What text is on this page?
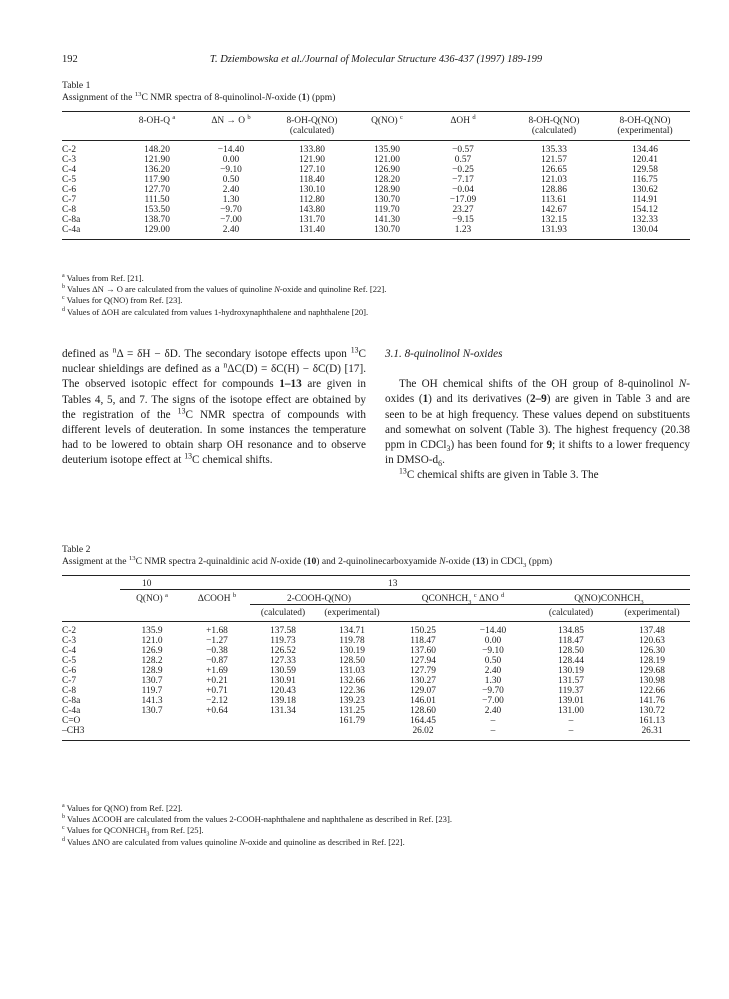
192	T. Dziembowska et al./Journal of Molecular Structure 436-437 (1997) 189-199
Table 1
Assignment of the $^{13}$C NMR spectra of 8-quinolinol-N-oxide (1) (ppm)
	8-OH-Q $^a$	ΔN → O $^b$	8-OH-Q(NO)	Q(NO) $^c$	ΔOH $^d$	8-OH-Q(NO)	8-OH-Q(NO)
			(calculated)			(calculated)	(experimental)
C-2	148.20	−14.40	133.80	135.90	−0.57	135.33	134.46
C-3	121.90	0.00	121.90	121.00	0.57	121.57	120.41
C-4	136.20	−9.10	127.10	126.90	−0.25	126.65	129.58
C-5	117.90	0.50	118.40	128.20	−7.17	121.03	116.75
C-6	127.70	2.40	130.10	128.90	−0.04	128.86	130.62
C-7	111.50	1.30	112.80	130.70	−17.09	113.61	114.91
C-8	153.50	−9.70	143.80	119.70	23.27	142.67	154.12
C-8a	138.70	−7.00	131.70	141.30	−9.15	132.15	132.33
C-4a	129.00	2.40	131.40	130.70	1.23	131.93	130.04
$^a$ Values from Ref. [21].
$^b$ Values ΔN → O are calculated from the values of quinoline N-oxide and quinoline Ref. [22].
$^c$ Values for Q(NO) from Ref. [23].
$^d$ Values of ΔOH are calculated from values 1-hydroxynaphthalene and naphthalene [20].

defined as $^n$Δ = δH − δD. The secondary isotope effects upon $^{13}$C nuclear shieldings are defined as a $^n$ΔC(D) = δC(H) − δC(D) [17]. The observed isotopic effect for compounds 1–13 are given in Tables 4, 5, and 7. The signs of the isotope effect are obtained by the registration of the $^{13}$C NMR spectra of compounds with different levels of deuteration. In some instances the temperature had to be lowered to obtain sharp OH resonance and to observe deuterium isotope effect at $^{13}$C chemical shifts.

3.1. 8-quinolinol N-oxides

The OH chemical shifts of the OH group of 8-quinolinol N-oxides (1) and its derivatives (2–9) are given in Table 3 and are seen to be at high frequency. These values depend on substituents and somewhat on solvent (Table 3). The highest frequency (20.38 ppm in CDCl$_3$) has been found for 9; it shifts to a lower frequency in DMSO-$d_6$.

$^{13}$C chemical shifts are given in Table 3. The

Table 2
Assigment at the $^{13}$C NMR spectra 2-quinaldinic acid N-oxide (10) and 2-quinolinecarboxyamide N-oxide (13) in CDCl$_3$ (ppm)
	10				13			
	Q(NO) $^a$	ΔCOOH $^b$	2-COOH-Q(NO)		$QCONHCH_3$ $^c$ ΔNO $^d$		$Q(NO)CONHCH_3$
			(calculated)	(experimental)			(calculated)	(experimental)
C-2	135.9	+1.68	137.58	134.71	150.25	−14.40	134.85	137.48
C-3	121.0	−1.27	119.73	119.78	118.47	0.00	118.47	120.63
C-4	126.9	−0.38	126.52	130.19	137.60	−9.10	128.50	126.30
C-5	128.2	−0.87	127.33	128.50	127.94	0.50	128.44	128.19
C-6	128.9	+1.69	130.59	131.03	127.79	2.40	130.19	129.68
C-7	130.7	+0.21	130.91	132.66	130.27	1.30	131.57	130.98
C-8	119.7	+0.71	120.43	122.36	129.07	−9.70	119.37	122.66
C-8a	141.3	−2.12	139.18	139.23	146.01	−7.00	139.01	141.76
C-4a	130.7	+0.64	131.34	131.25	128.60	2.40	131.00	130.72
C=O				161.79	164.45	–	–	161.13
–CH3					26.02	–	–	26.31
$^a$ Values for Q(NO) from Ref. [22].
$^b$ Values ΔCOOH are calculated from the values 2-COOH-naphthalene and naphthalene as described in Ref. [23].
$^c$ Values for $QCONHCH_3$ from Ref. [25].
$^d$ Values ΔNO are calculated from values quinoline N-oxide and quinoline as described in Ref. [22].
